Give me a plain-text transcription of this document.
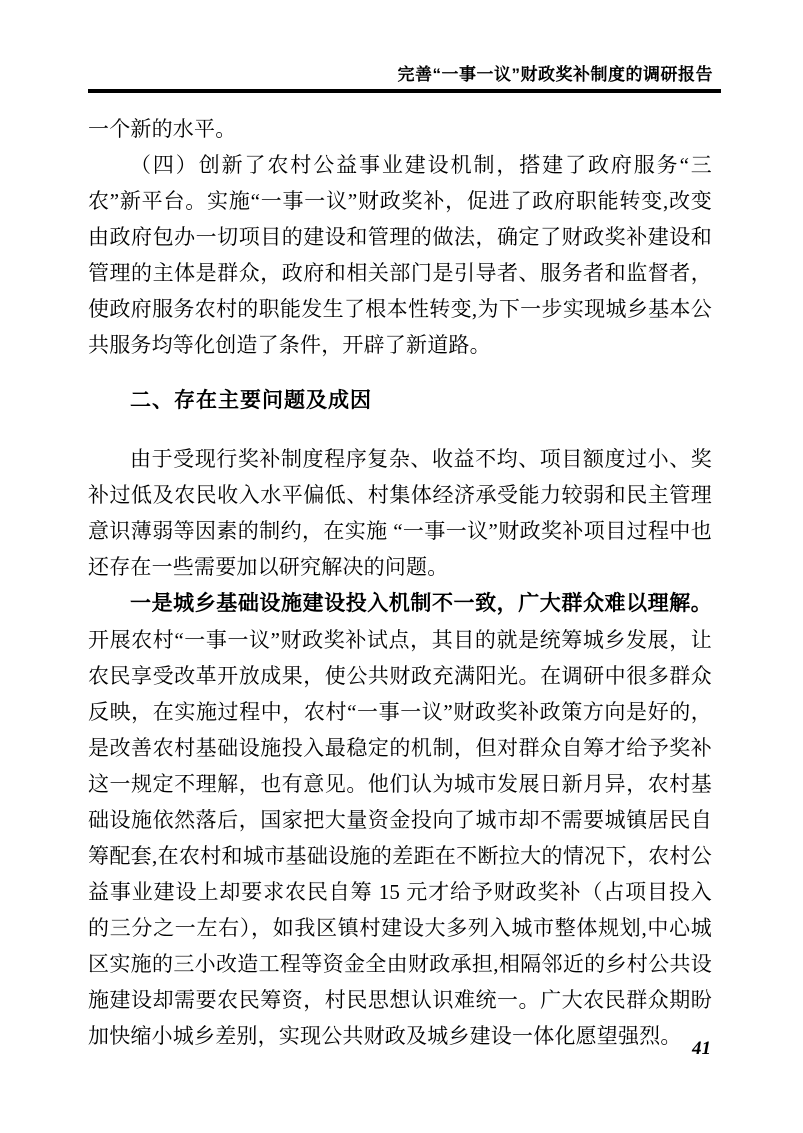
完善“一事一议”财政奖补制度的调研报告

一个新的水平。

（四）创新了农村公益事业建设机制，搭建了政府服务“三农”新平台。实施“一事一议”财政奖补，促进了政府职能转变,改变由政府包办一切项目的建设和管理的做法，确定了财政奖补建设和管理的主体是群众，政府和相关部门是引导者、服务者和监督者，使政府服务农村的职能发生了根本性转变,为下一步实现城乡基本公共服务均等化创造了条件，开辟了新道路。

二、存在主要问题及成因

由于受现行奖补制度程序复杂、收益不均、项目额度过小、奖补过低及农民收入水平偏低、村集体经济承受能力较弱和民主管理意识薄弱等因素的制约，在实施 “一事一议”财政奖补项目过程中也还存在一些需要加以研究解决的问题。

一是城乡基础设施建设投入机制不一致，广大群众难以理解。开展农村“一事一议”财政奖补试点，其目的就是统筹城乡发展，让农民享受改革开放成果，使公共财政充满阳光。在调研中很多群众反映，在实施过程中，农村“一事一议”财政奖补政策方向是好的，是改善农村基础设施投入最稳定的机制，但对群众自筹才给予奖补这一规定不理解，也有意见。他们认为城市发展日新月异，农村基础设施依然落后，国家把大量资金投向了城市却不需要城镇居民自筹配套,在农村和城市基础设施的差距在不断拉大的情况下，农村公益事业建设上却要求农民自筹 15 元才给予财政奖补（占项目投入的三分之一左右），如我区镇村建设大多列入城市整体规划,中心城区实施的三小改造工程等资金全由财政承担,相隔邻近的乡村公共设施建设却需要农民筹资，村民思想认识难统一。广大农民群众期盼加快缩小城乡差别，实现公共财政及城乡建设一体化愿望强烈。

41
